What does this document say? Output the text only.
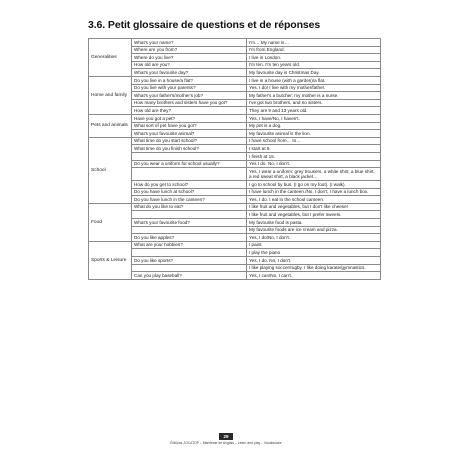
3.6. Petit glossaire de questions et de réponses
Generalities	What's your name?	I'm… My name is…
	Where are you from?	I'm from England.
	Where do you live?	I live in London.
	How old are you?	I'm ten. I'm ten years old.
	What's your favourite day?	My favourite day is Christmas Day.
Home and family	Do you live in a house/a flat?	I live in a house (with a garden)/a flat.
	Do you live with your parents?	Yes, I do! I live with my mother/father.
	What's your father's/mother's job?	My father's a butcher; my mother is a nurse.
	How many brothers and sisters have you got?	I've got two brothers, and no sisters.
	How old are they?	They are 9 and 13 years old.
Pets and animals	Have you got a pet?	Yes, I have/No, I haven't.
	What sort of pet have you got?	My pet is a dog.
	What's your favourite animal?	My favourite animal is the lion.
School	What time do you start school?	I have school from… to…
	What time do you finish school?	I start at 9.
		I finish at 15.
	Do you wear a uniform for school usually?	Yes I do. No, I don't.
		Yes, I wear a uniform: grey trousers, a white shirt, a blue shirt, a red sweat shirt, a black jacket…
	How do you get to school?	I go to school by bus. (I go on my foot). (I walk).
	Do you have lunch at school?	I have lunch in the canteen./No, I don't, I have a lunch box.
	Do you have lunch in the canteen?	Yes, I do. I eat in the school canteen.
Food	What do you like to eat?	I like fruit and vegetables, but I don't like cheese!
		I like fruit and vegetables, but I prefer sweets.
	What's your favourite food?	My favourite food is pasta.
		My favourite foods are ice cream and pizza.
	Do you like apples?	Yes, I do/No, I don't.
Sports & Leisure	What are your hobbies?	I paint.
		I play the piano
	Do you like sports?	Yes, I do. No, I don't.
		I like playing soccer/rugby. I like doing karate/gymnastics.
	Can you play baseball?	Yes, I can/No, I can't.
29
Éditions JOCATOP – Manifeste de Anglais – Learn and play – Vocabulaire
